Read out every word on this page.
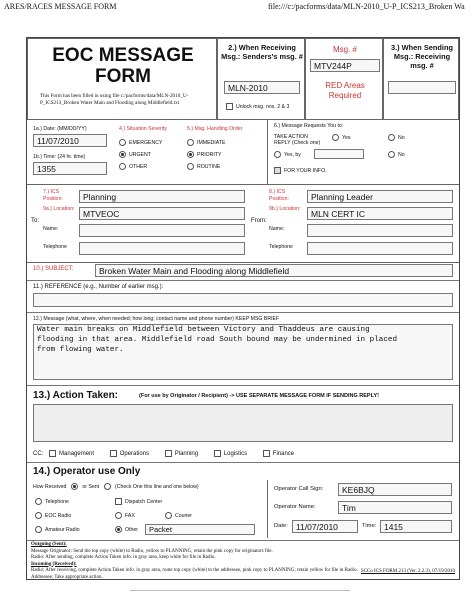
ARES/RACES MESSAGE FORM	file:///c:/pacforms/data/MLN-2010_U-P_ICS213_Broken Wa
EOC MESSAGE
FORM
This Form has been filled in using file c:/pacforms/data/MLN-2010_U-P_ICS213_Broken Water Main and Flooding along Middlefield.txt
2.) When Receiving Msg.: Senders's msg. #
MLN-2010
Unlock msg. nos. 2 & 3
Msg. #
MTV244P
RED Areas Required
3.) When Sending Msg.: Receiving msg. #
1a.) Date: (MM/DD/YY)
11/07/2010
1b.) Time: (24 hr. time)
1355
4.) Situation Severity
EMERGENCY
URGENT
OTHER
5.) Msg. Handling Order
IMMEDIATE
PRIORITY
ROUTINE
6.) Message Requests You to:
TAKE ACTION
REPLY (Check one)
Yes	No
Yes, by	No
FOR YOUR INFO.
To:
7.) ICS Position:	Planning
9a.) Location:	MTVEOC
Name:
Telephone
From:
8.) ICS Position:	Planning Leader
9b.) Location:	MLN CERT IC
Name:
Telephone
10.) SUBJECT:	Broken Water Main and Flooding along Middlefield
11.) REFERENCE (e.g., Number of earlier msg.):
12.) Message (what, where, when needed; how long; contact name and phone number) KEEP MSG BRIEF
Water main breaks on Middlefield between Victory and Thaddeus are causing
flooding in that area. Middlefield road South bound may be undermined in placed
from flowing water.
13.) Action Taken:	(For use by Originator / Recipient) -> USE SEPARATE MESSAGE FORM IF SENDING REPLY!
CC:	Management	Operations	Planning	Logistics	Finance
14.) Operator use Only
How Received	or Sent	(Check One this line and one below)
Telephone
EOC Radio
Amateur Radio
Dispatch Center
FAX	Courier
Other	Packet
Operator Call Sign:	KE6BJQ
Operator Name:	Tim
Date: 11/07/2010	Time: 1415
Outgoing (Sent):
Message Originator: Send the top copy (white) to Radio, yellow to PLANNING, retain the pink copy for originators file.
Radio: After sending, complete Action Taken info. in gray area, keep white for file in Radio.
Incoming (Received):
Radio: After receiving, complete Action Taken info. in gray area, route top copy (white) to the addressee, pink copy to PLANNING; retain yellow for file in Radio.
Addressee; Take appropriate action.
SCCo ICS FORM 213 (Ver. 2.2.3), 07/19/2010
